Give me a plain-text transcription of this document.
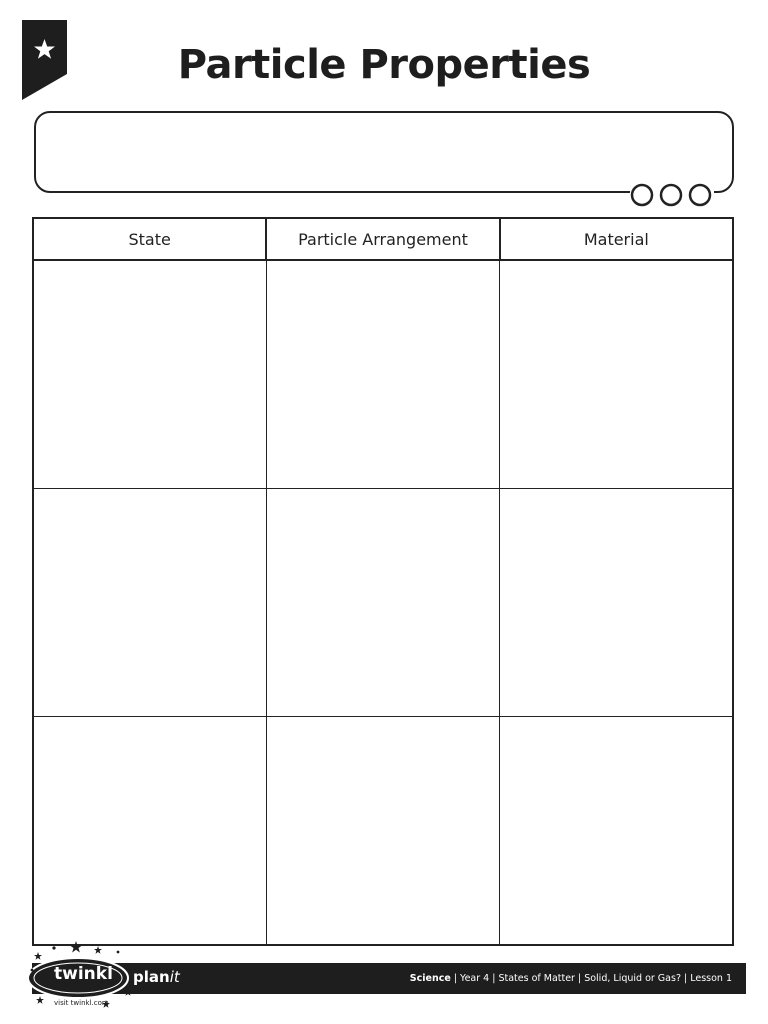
Particle Properties
State	Particle Arrangement	Material

twinkl
visit twinkl.com
planit	Science | Year 4 | States of Matter | Solid, Liquid or Gas? | Lesson 1
